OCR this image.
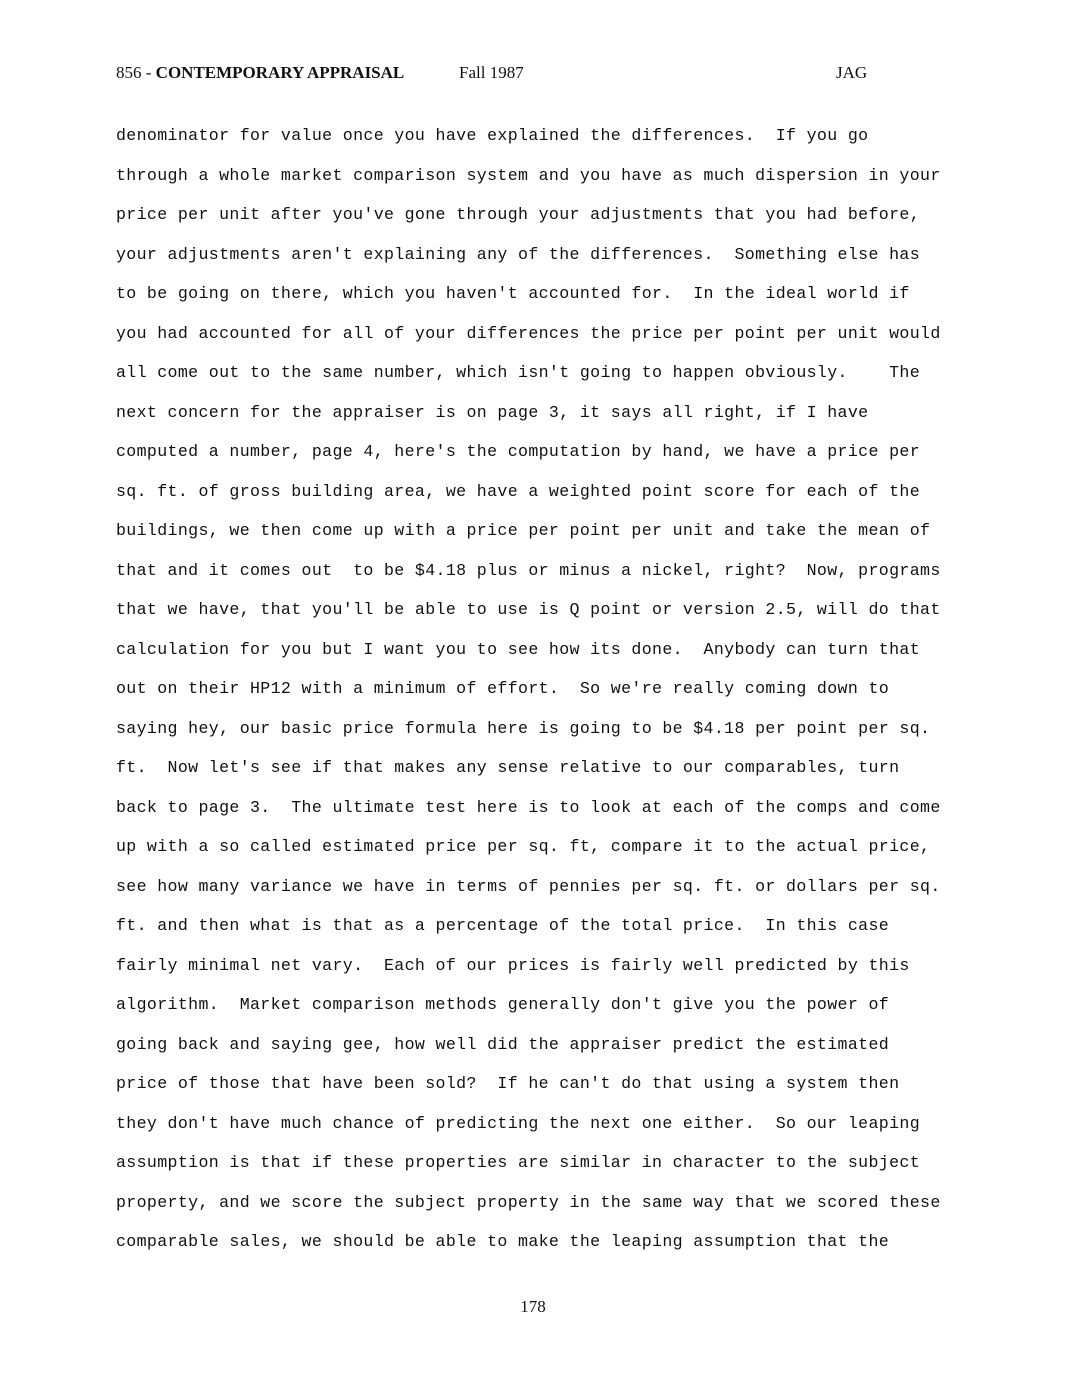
856 - CONTEMPORARY APPRAISAL	Fall 1987	JAG
denominator for value once you have explained the differences.  If you go
through a whole market comparison system and you have as much dispersion in your
price per unit after you've gone through your adjustments that you had before,
your adjustments aren't explaining any of the differences.  Something else has
to be going on there, which you haven't accounted for.  In the ideal world if
you had accounted for all of your differences the price per point per unit would
all come out to the same number, which isn't going to happen obviously.    The
next concern for the appraiser is on page 3, it says all right, if I have
computed a number, page 4, here's the computation by hand, we have a price per
sq. ft. of gross building area, we have a weighted point score for each of the
buildings, we then come up with a price per point per unit and take the mean of
that and it comes out  to be $4.18 plus or minus a nickel, right?  Now, programs
that we have, that you'll be able to use is Q point or version 2.5, will do that
calculation for you but I want you to see how its done.  Anybody can turn that
out on their HP12 with a minimum of effort.  So we're really coming down to
saying hey, our basic price formula here is going to be $4.18 per point per sq.
ft.  Now let's see if that makes any sense relative to our comparables, turn
back to page 3.  The ultimate test here is to look at each of the comps and come
up with a so called estimated price per sq. ft, compare it to the actual price,
see how many variance we have in terms of pennies per sq. ft. or dollars per sq.
ft. and then what is that as a percentage of the total price.  In this case
fairly minimal net vary.  Each of our prices is fairly well predicted by this
algorithm.  Market comparison methods generally don't give you the power of
going back and saying gee, how well did the appraiser predict the estimated
price of those that have been sold?  If he can't do that using a system then
they don't have much chance of predicting the next one either.  So our leaping
assumption is that if these properties are similar in character to the subject
property, and we score the subject property in the same way that we scored these
comparable sales, we should be able to make the leaping assumption that the
178
